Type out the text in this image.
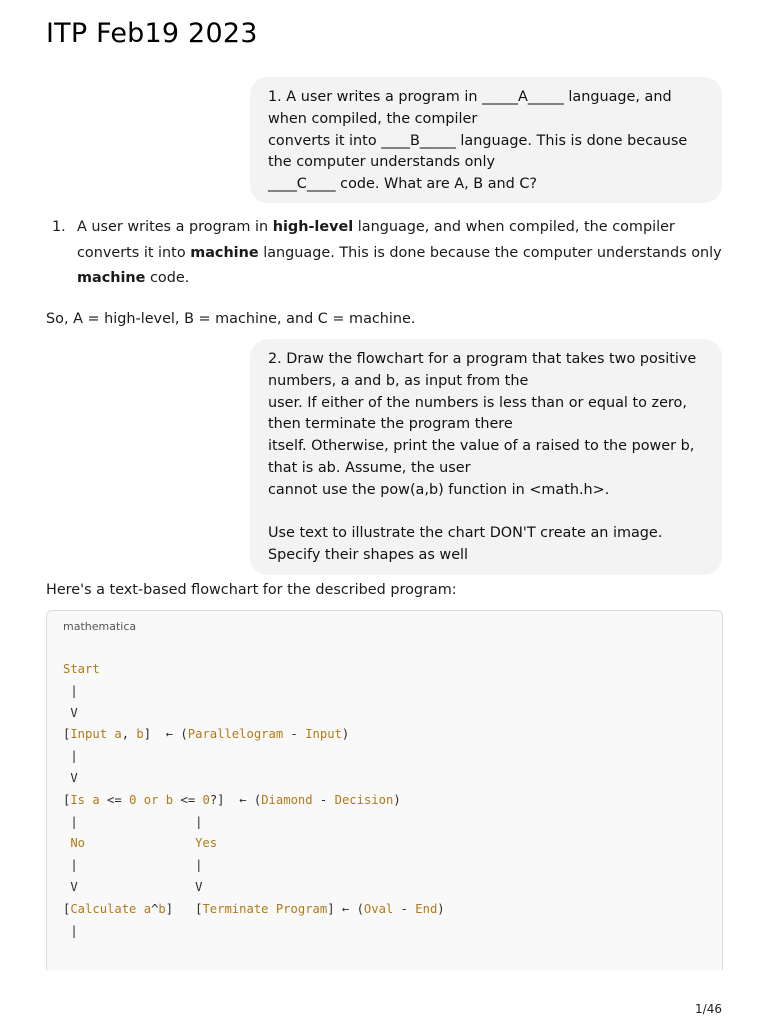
ITP Feb19 2023
1. A user writes a program in _____A_____ language, and
when compiled, the compiler
converts it into ____B_____ language. This is done because
the computer understands only
____C____ code. What are A, B and C?
1. A user writes a program in high-level language, and when compiled, the compiler
converts it into machine language. This is done because the computer understands only
machine code.

So, A = high-level, B = machine, and C = machine.

2. Draw the flowchart for a program that takes two positive
numbers, a and b, as input from the
user. If either of the numbers is less than or equal to zero,
then terminate the program there
itself. Otherwise, print the value of a raised to the power b,
that is ab. Assume, the user
cannot use the pow(a,b) function in <math.h>.
Use text to illustrate the chart DON'T create an image.
Specify their shapes as well

Here's a text-based flowchart for the described program:

mathematica
Start
|
V
[Input a, b]  ← (Parallelogram - Input)
|
V
[Is a <= 0 or b <= 0?]  ← (Diamond - Decision)
|                |
No	Yes
|                |
V                V
[Calculate a^b]   [Terminate Program] ← (Oval - End)
|
1/46
